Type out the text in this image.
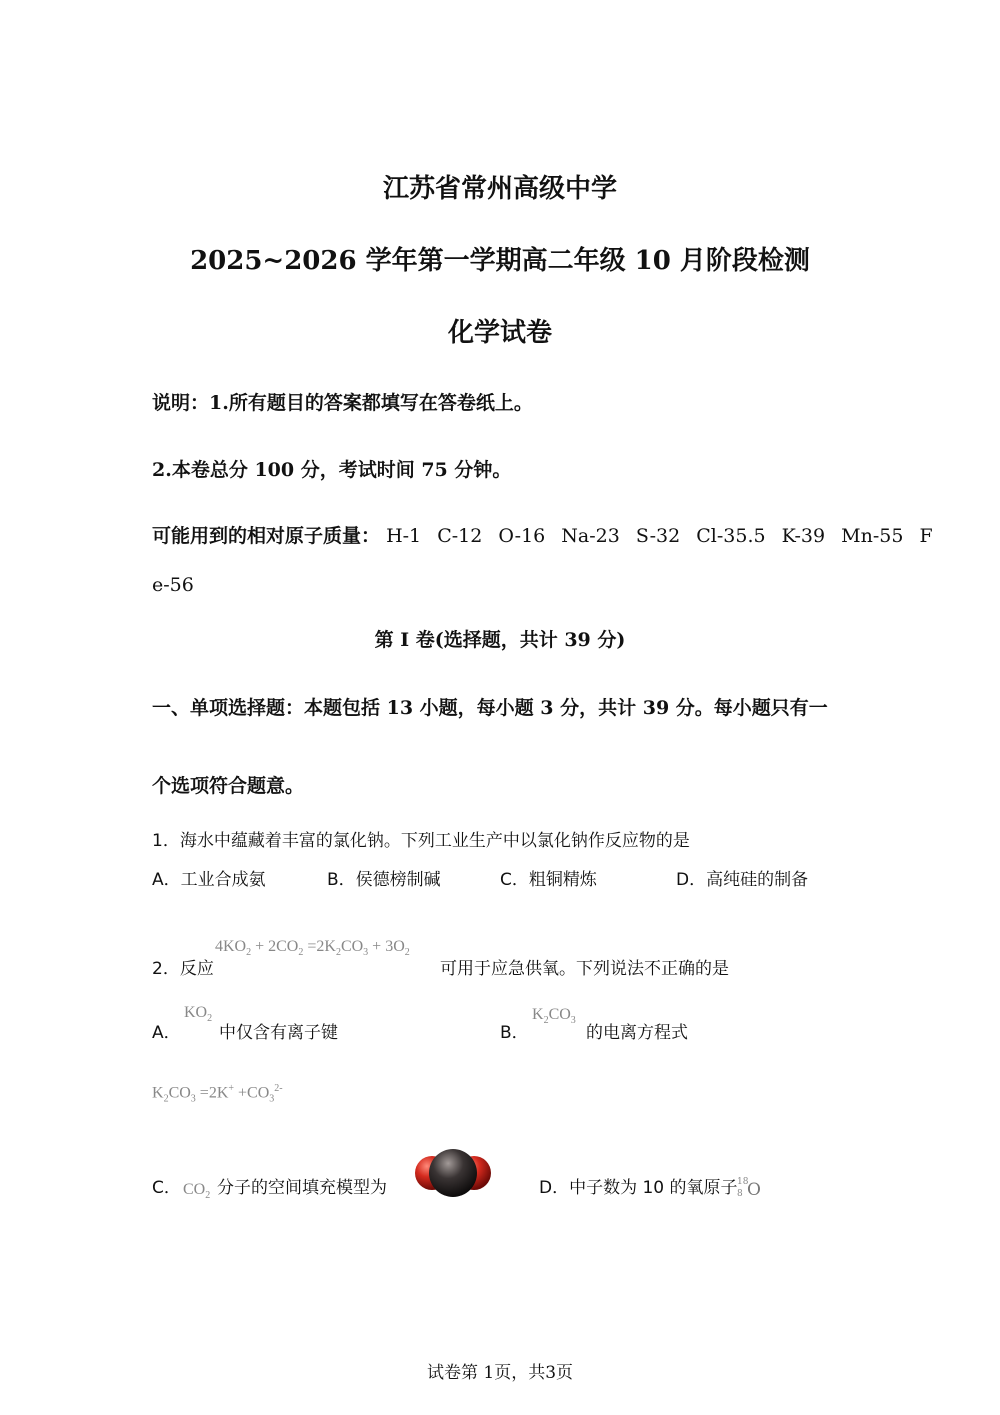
江苏省常州高级中学
2025~2026 学年第一学期高二年级 10 月阶段检测
化学试卷
说明：1.所有题目的答案都填写在答卷纸上。
2.本卷总分 100 分，考试时间 75 分钟。
可能用到的相对原子质量： H-1 C-12 O-16 Na-23 S-32 Cl-35.5 K-39 Mn-55 F
e-56
第 I 卷(选择题，共计 39 分)
一、单项选择题：本题包括 13 小题，每小题 3 分，共计 39 分。每小题只有一
个选项符合题意。
1．海水中蕴藏着丰富的氯化钠。下列工业生产中以氯化钠作反应物的是
A．工业合成氨	B．侯德榜制碱	C．粗铜精炼	D．高纯硅的制备
2．反应
$4KO_2 + 2CO_2 =2K_2CO_3 + 3O_2$
可用于应急供氧。下列说法不正确的是
A．
$KO_2$
中仅含有离子键	B．
$K_2CO_3$
的电离方程式
$K_2CO_3 =2K^+ +CO_3^{2-}$
C． $CO_2$ 分子的空间填充模型为	D．中子数为 10 的氧原子 18
8 O
试卷第 1页，共3页
